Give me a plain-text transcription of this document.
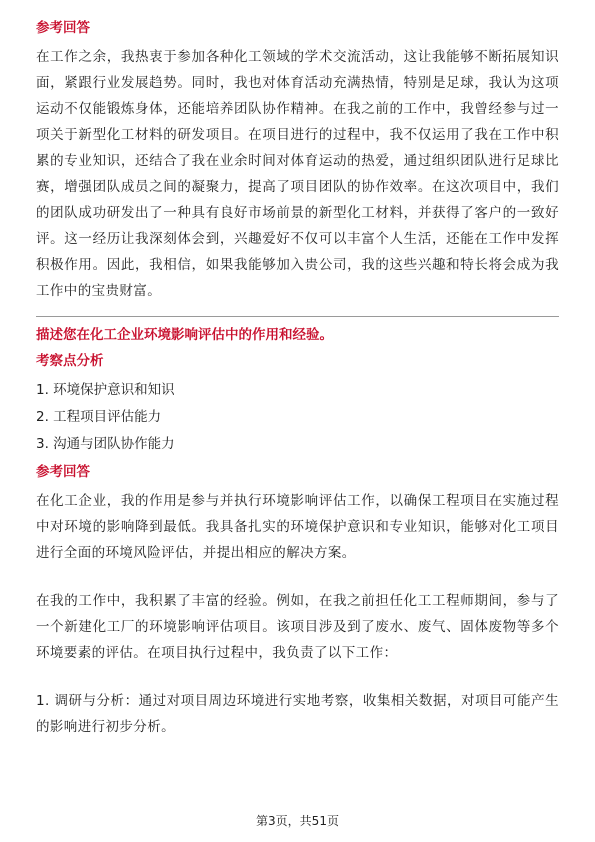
参考回答

在工作之余，我热衷于参加各种化工领域的学术交流活动，这让我能够不断拓展知识面，紧跟行业发展趋势。同时，我也对体育活动充满热情，特别是足球，我认为这项运动不仅能锻炼身体，还能培养团队协作精神。在我之前的工作中，我曾经参与过一项关于新型化工材料的研发项目。在项目进行的过程中，我不仅运用了我在工作中积累的专业知识，还结合了我在业余时间对体育运动的热爱，通过组织团队进行足球比赛，增强团队成员之间的凝聚力，提高了项目团队的协作效率。在这次项目中，我们的团队成功研发出了一种具有良好市场前景的新型化工材料，并获得了客户的一致好评。这一经历让我深刻体会到，兴趣爱好不仅可以丰富个人生活，还能在工作中发挥积极作用。因此，我相信，如果我能够加入贵公司，我的这些兴趣和特长将会成为我工作中的宝贵财富。

描述您在化工企业环境影响评估中的作用和经验。
考察点分析

1. 环境保护意识和知识

2. 工程项目评估能力

3. 沟通与团队协作能力

参考回答

在化工企业，我的作用是参与并执行环境影响评估工作，以确保工程项目在实施过程中对环境的影响降到最低。我具备扎实的环境保护意识和专业知识，能够对化工项目进行全面的环境风险评估，并提出相应的解决方案。

在我的工作中，我积累了丰富的经验。例如，在我之前担任化工工程师期间，参与了一个新建化工厂的环境影响评估项目。该项目涉及到了废水、废气、固体废物等多个环境要素的评估。在项目执行过程中，我负责了以下工作：

1. 调研与分析：通过对项目周边环境进行实地考察，收集相关数据，对项目可能产生的影响进行初步分析。

第3页，共51页
